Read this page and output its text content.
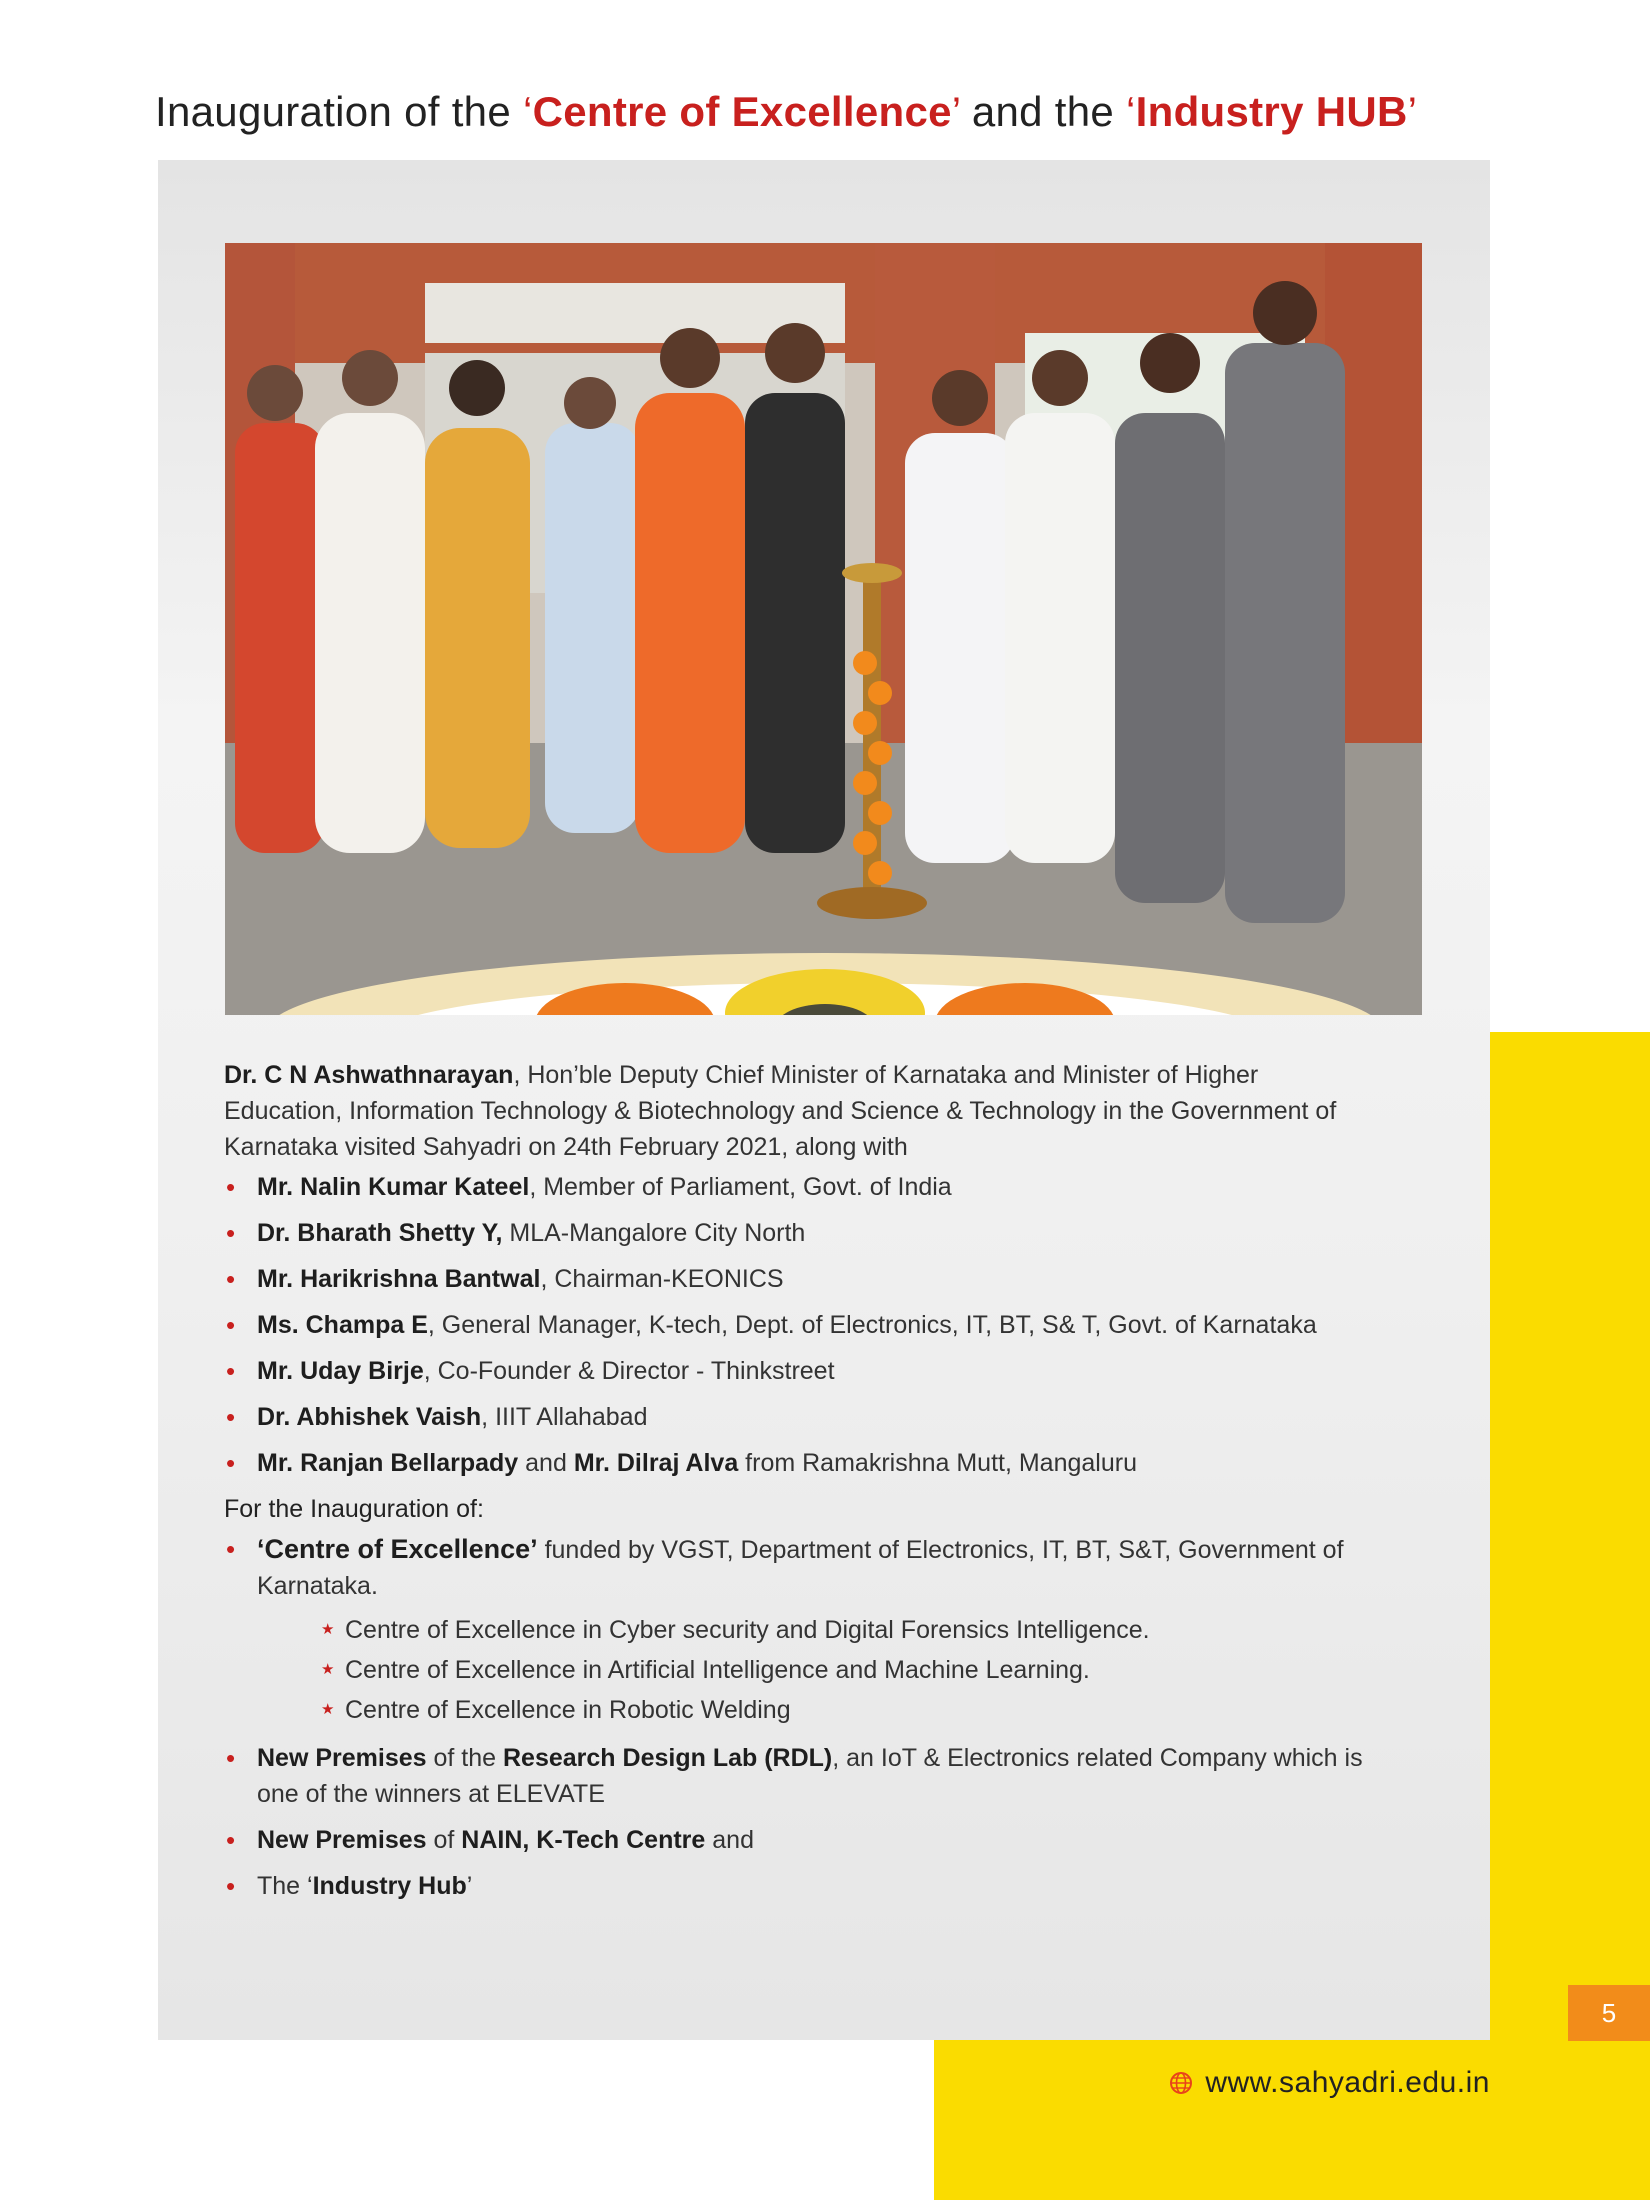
Inauguration of the ‘Centre of Excellence’ and the ‘Industry HUB’

Dr. C N Ashwathnarayan, Hon’ble Deputy Chief Minister of Karnataka and Minister of Higher Education, Information Technology & Biotechnology and Science & Technology in the Government of Karnataka visited Sahyadri on 24th February 2021, along with

• Mr. Nalin Kumar Kateel, Member of Parliament, Govt. of India
• Dr. Bharath Shetty Y, MLA-Mangalore City North
• Mr. Harikrishna Bantwal, Chairman-KEONICS
• Ms. Champa E, General Manager, K-tech, Dept. of Electronics, IT, BT, S& T, Govt. of Karnataka
• Mr. Uday Birje, Co-Founder & Director - Thinkstreet
• Dr. Abhishek Vaish, IIIT Allahabad
• Mr. Ranjan Bellarpady and Mr. Dilraj Alva from Ramakrishna Mutt, Mangaluru

For the Inauguration of:

• ‘Centre of Excellence’ funded by VGST, Department of Electronics, IT, BT, S&T, Government of Karnataka.
★ Centre of Excellence in Cyber security and Digital Forensics Intelligence.
★ Centre of Excellence in Artificial Intelligence and Machine Learning.
★ Centre of Excellence in Robotic Welding
• New Premises of the Research Design Lab (RDL), an IoT & Electronics related Company which is one of the winners at ELEVATE
• New Premises of NAIN, K-Tech Centre and
• The ‘Industry Hub’
5
www.sahyadri.edu.in
